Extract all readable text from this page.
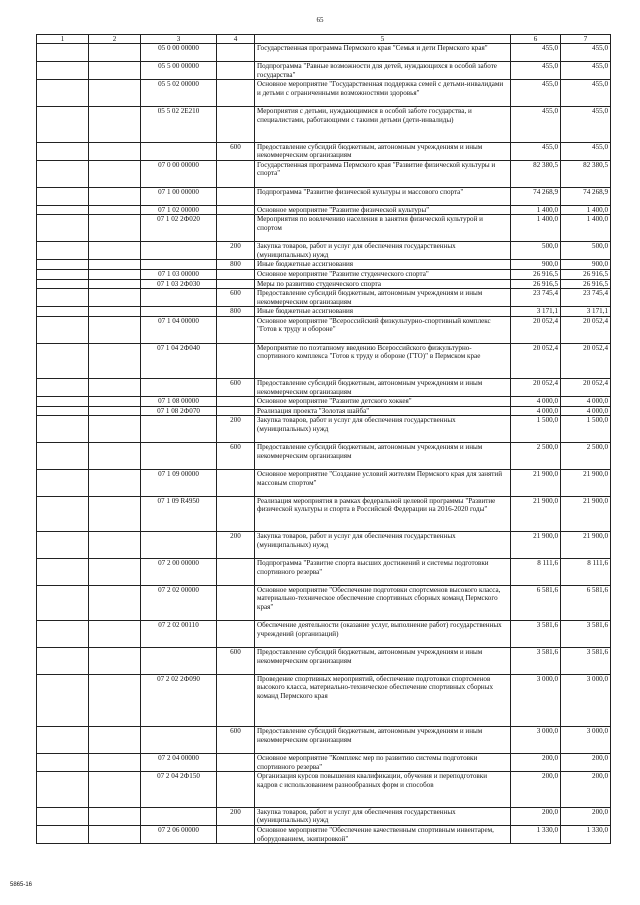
65
1	2	3	4	5	6	7
		05 0 00 00000		Государственная программа Пермского края "Семья и дети Пермского края"	455,0	455,0
		05 5 00 00000		Подпрограмма "Равные возможности для детей, нуждающихся в особой заботе государства"	455,0	455,0
		05 5 02 00000		Основное мероприятие "Государственная поддержка семей с детьми-инвалидами и детьми с ограниченными возможностями здоровья"	455,0	455,0
		05 5 02 2Е210		Мероприятия с детьми, нуждающимися в особой заботе государства, и специалистами, работающими с такими детьми (дети-инвалиды)	455,0	455,0
			600	Предоставление субсидий бюджетным, автономным учреждениям и иным некоммерческим организациям	455,0	455,0
		07 0 00 00000		Государственная программа Пермского края "Развитие физической культуры и спорта"	82 380,5	82 380,5
		07 1 00 00000		Подпрограмма "Развитие физической культуры и массового спорта"	74 268,9	74 268,9
		07 1 02 00000		Основное мероприятие "Развитие физической культуры"	1 400,0	1 400,0
		07 1 02 2Ф020		Мероприятия по вовлечению населения в занятия физической культурой и спортом	1 400,0	1 400,0
			200	Закупка товаров, работ и услуг для обеспечения государственных (муниципальных) нужд	500,0	500,0
			800	Иные бюджетные ассигнования	900,0	900,0
		07 1 03 00000		Основное мероприятие "Развитие студенческого спорта"	26 916,5	26 916,5
		07 1 03 2Ф030		Меры по развитию студенческого спорта	26 916,5	26 916,5
			600	Предоставление субсидий бюджетным, автономным учреждениям и иным некоммерческим организациям	23 745,4	23 745,4
			800	Иные бюджетные ассигнования	3 171,1	3 171,1
		07 1 04 00000		Основное мероприятие "Всероссийский физкультурно-спортивный комплекс "Готов к труду и обороне"	20 052,4	20 052,4
		07 1 04 2Ф040		Мероприятие по поэтапному введению Всероссийского физкультурно-спортивного комплекса "Готов к труду и обороне (ГТО)" в Пермском крае	20 052,4	20 052,4
			600	Предоставление субсидий бюджетным, автономным учреждениям и иным некоммерческим организациям	20 052,4	20 052,4
		07 1 08 00000		Основное мероприятие "Развитие детского хоккея"	4 000,0	4 000,0
		07 1 08 2Ф070		Реализация проекта "Золотая шайба"	4 000,0	4 000,0
			200	Закупка товаров, работ и услуг для обеспечения государственных (муниципальных) нужд	1 500,0	1 500,0
			600	Предоставление субсидий бюджетным, автономным учреждениям и иным некоммерческим организациям	2 500,0	2 500,0
		07 1 09 00000		Основное мероприятие "Создание условий жителям Пермского края для занятий массовым спортом"	21 900,0	21 900,0
		07 1 09 R4950		Реализация мероприятия в рамках федеральной целевой программы "Развитие физической культуры и спорта в Российской Федерации на 2016-2020 годы"	21 900,0	21 900,0
			200	Закупка товаров, работ и услуг для обеспечения государственных (муниципальных) нужд	21 900,0	21 900,0
		07 2 00 00000		Подпрограмма "Развитие спорта высших достижений и системы подготовки спортивного резерва"	8 111,6	8 111,6
		07 2 02 00000		Основное мероприятие "Обеспечение подготовки спортсменов высокого класса, материально-техническое обеспечение спортивных сборных команд Пермского края"	6 581,6	6 581,6
		07 2 02 00110		Обеспечение деятельности (оказание услуг, выполнение работ) государственных учреждений (организаций)	3 581,6	3 581,6
			600	Предоставление субсидий бюджетным, автономным учреждениям и иным некоммерческим организациям	3 581,6	3 581,6
		07 2 02 2Ф090		Проведение спортивных мероприятий, обеспечение подготовки спортсменов высокого класса, материально-техническое обеспечение спортивных сборных команд Пермского края	3 000,0	3 000,0
			600	Предоставление субсидий бюджетным, автономным учреждениям и иным некоммерческим организациям	3 000,0	3 000,0
		07 2 04 00000		Основное мероприятие "Комплекс мер по развитию системы подготовки спортивного резерва"	200,0	200,0
		07 2 04 2Ф150		Организация курсов повышения квалификации, обучения и переподготовки кадров с использованием разнообразных форм и способов	200,0	200,0
			200	Закупка товаров, работ и услуг для обеспечения государственных (муниципальных) нужд	200,0	200,0
		07 2 06 00000		Основное мероприятие "Обеспечение качественным спортивным инвентарем, оборудованием, экипировкой"	1 330,0	1 330,0
5865-16
